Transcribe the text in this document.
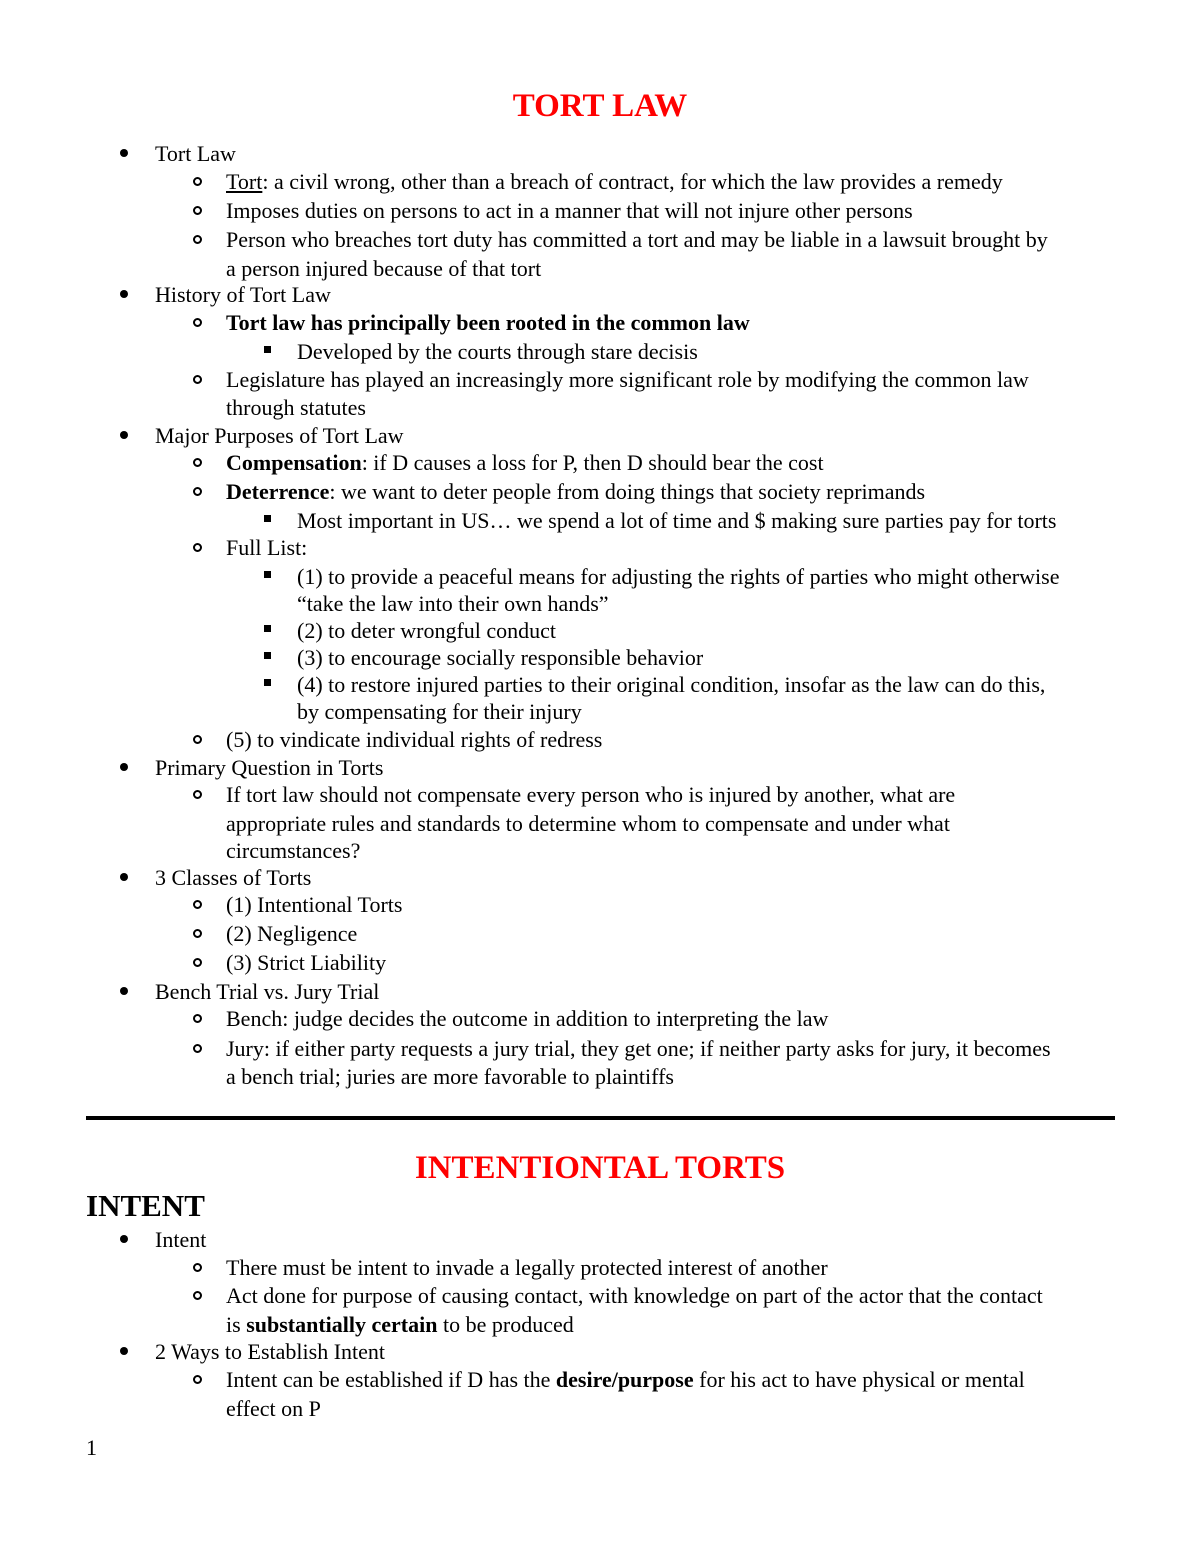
TORT LAW
Tort Law
Tort: a civil wrong, other than a breach of contract, for which the law provides a remedy
Imposes duties on persons to act in a manner that will not injure other persons
Person who breaches tort duty has committed a tort and may be liable in a lawsuit brought by
a person injured because of that tort
History of Tort Law
Tort law has principally been rooted in the common law
Developed by the courts through stare decisis
Legislature has played an increasingly more significant role by modifying the common law
through statutes
Major Purposes of Tort Law
Compensation: if D causes a loss for P, then D should bear the cost
Deterrence: we want to deter people from doing things that society reprimands
Most important in US… we spend a lot of time and $ making sure parties pay for torts
Full List:
(1) to provide a peaceful means for adjusting the rights of parties who might otherwise
“take the law into their own hands”
(2) to deter wrongful conduct
(3) to encourage socially responsible behavior
(4) to restore injured parties to their original condition, insofar as the law can do this,
by compensating for their injury
(5) to vindicate individual rights of redress
Primary Question in Torts
If tort law should not compensate every person who is injured by another, what are
appropriate rules and standards to determine whom to compensate and under what
circumstances?
3 Classes of Torts
(1) Intentional Torts
(2) Negligence
(3) Strict Liability
Bench Trial vs. Jury Trial
Bench: judge decides the outcome in addition to interpreting the law
Jury: if either party requests a jury trial, they get one; if neither party asks for jury, it becomes
a bench trial; juries are more favorable to plaintiffs
INTENTIONTAL TORTS
INTENT
Intent
There must be intent to invade a legally protected interest of another
Act done for purpose of causing contact, with knowledge on part of the actor that the contact
is substantially certain to be produced
2 Ways to Establish Intent
Intent can be established if D has the desire/purpose for his act to have physical or mental
effect on P
1
